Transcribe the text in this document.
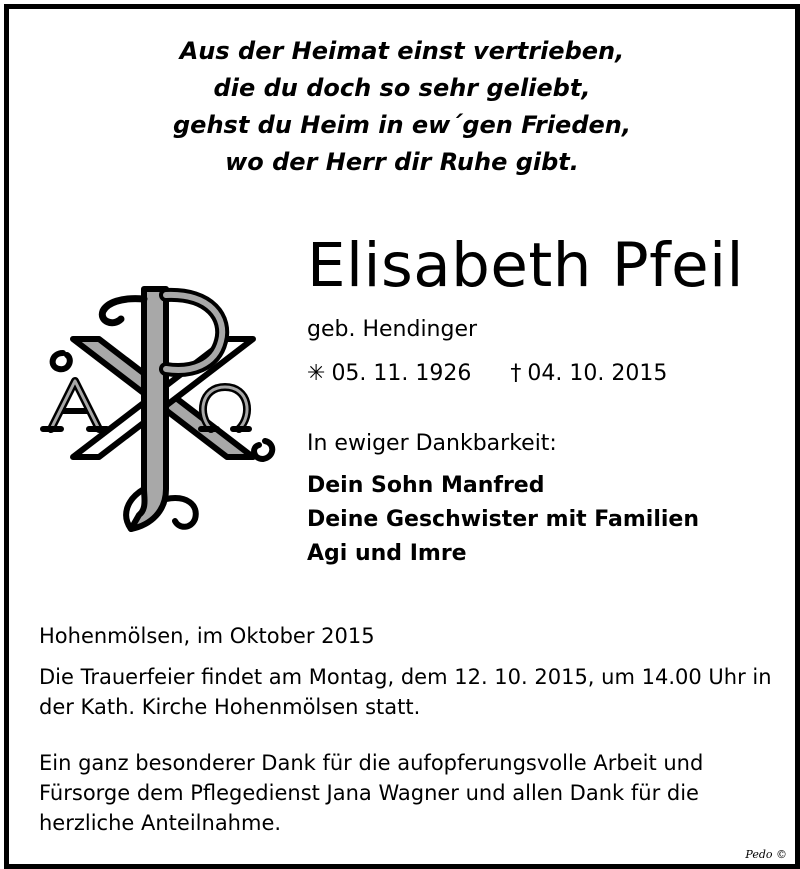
Aus der Heimat einst vertrieben,
die du doch so sehr geliebt,
gehst du Heim in ew´gen Frieden,
wo der Herr dir Ruhe gibt.
Elisabeth Pfeil
geb. Hendinger
✳ 05. 11. 1926 † 04. 10. 2015
In ewiger Dankbarkeit:
Dein Sohn Manfred
Deine Geschwister mit Familien
Agi und Imre
Hohenmölsen, im Oktober 2015
Die Trauerfeier findet am Montag, dem 12. 10. 2015, um 14.00 Uhr in der Kath. Kirche Hohenmölsen statt.
Ein ganz besonderer Dank für die aufopferungsvolle Arbeit und Fürsorge dem Pflegedienst Jana Wagner und allen Dank für die herzliche Anteilnahme.
Pedo ©
